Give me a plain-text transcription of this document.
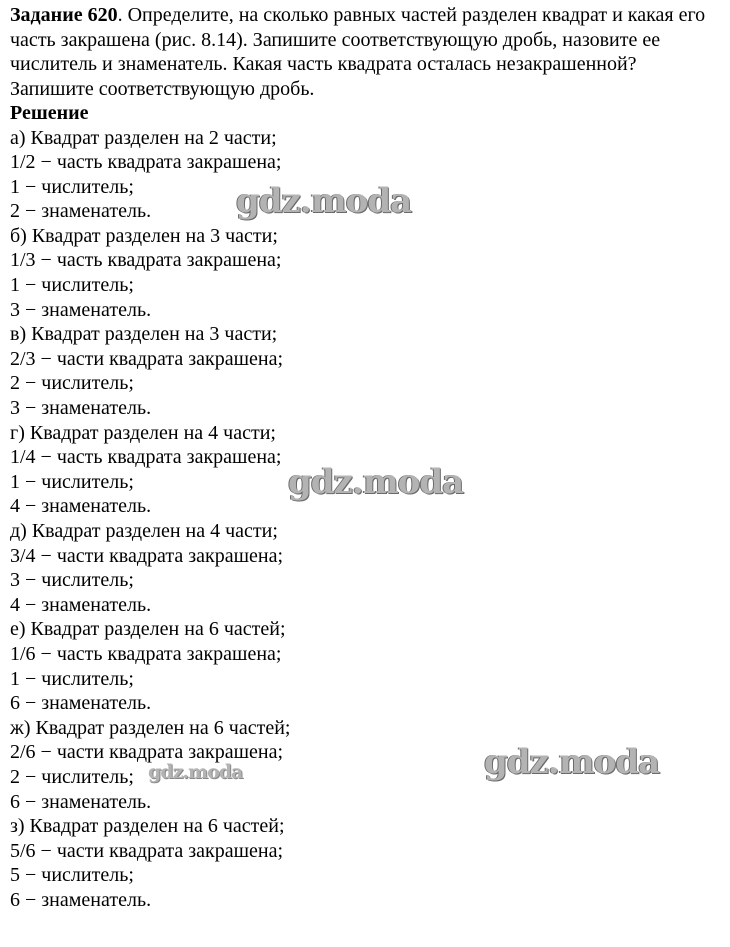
Задание 620. Определите, на сколько равных частей разделен квадрат и какая его часть закрашена (рис. 8.14). Запишите соответствующую дробь, назовите ее числитель и знаменатель. Какая часть квадрата осталась незакрашенной? Запишите соответствующую дробь.

Решение

а) Квадрат разделен на 2 части;

1/2 − часть квадрата закрашена;

1 − числитель;

2 − знаменатель.

б) Квадрат разделен на 3 части;

1/3 − часть квадрата закрашена;

1 − числитель;

3 − знаменатель.

в) Квадрат разделен на 3 части;

2/3 − части квадрата закрашена;

2 − числитель;

3 − знаменатель.

г) Квадрат разделен на 4 части;

1/4 − часть квадрата закрашена;

1 − числитель;

4 − знаменатель.

д) Квадрат разделен на 4 части;

3/4 − части квадрата закрашена;

3 − числитель;

4 − знаменатель.

е) Квадрат разделен на 6 частей;

1/6 − часть квадрата закрашена;

1 − числитель;

6 − знаменатель.

ж) Квадрат разделен на 6 частей;

2/6 − части квадрата закрашена;

2 − числитель;

6 − знаменатель.

з) Квадрат разделен на 6 частей;

5/6 − части квадрата закрашена;

5 − числитель;

6 − знаменатель.

gdz.moda
gdz.moda
gdz.moda
gdz.moda
